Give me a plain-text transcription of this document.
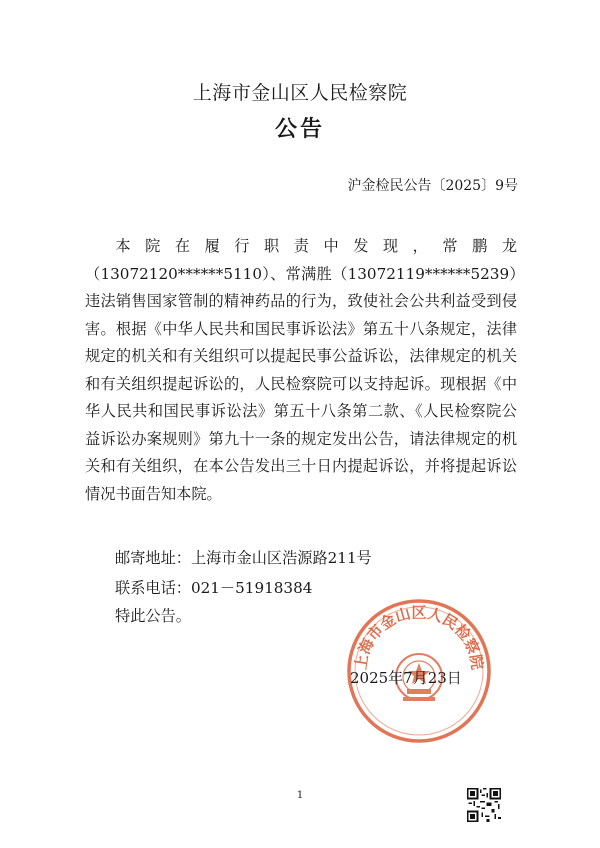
上海市金山区人民检察院
公告
沪金检民公告〔2025〕9号

本院在履行职责中发现，常鹏龙（13072120******5110）、常满胜（13072119******5239）违法销售国家管制的精神药品的行为，致使社会公共利益受到侵害。根据《中华人民共和国民事诉讼法》第五十八条规定，法律规定的机关和有关组织可以提起民事公益诉讼，法律规定的机关和有关组织提起诉讼的，人民检察院可以支持起诉。现根据《中华人民共和国民事诉讼法》第五十八条第二款、《人民检察院公益诉讼办案规则》第九十一条的规定发出公告，请法律规定的机关和有关组织，在本公告发出三十日内提起诉讼，并将提起诉讼情况书面告知本院。

邮寄地址：上海市金山区浩源路211号
联系电话：021－51918384
特此公告。
上海市金山区人民检察院
2025年7月23日
1
